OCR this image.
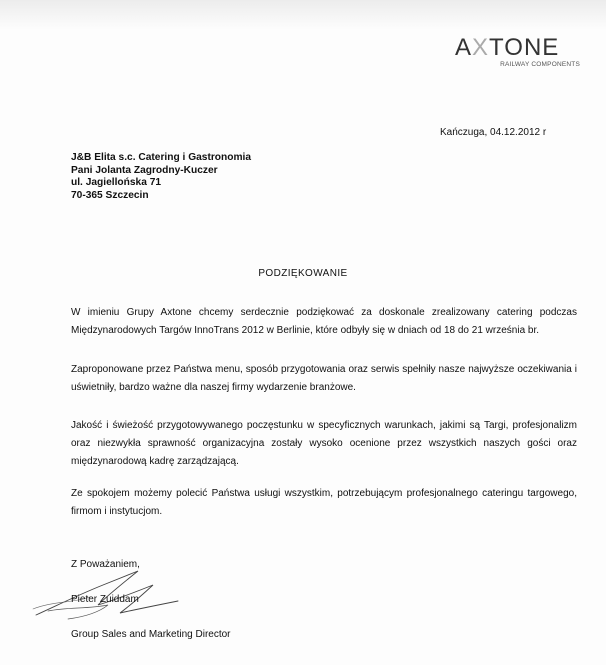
AXTONE
RAILWAY COMPONENTS
Kańczuga, 04.12.2012 r
J&B Elita s.c. Catering i Gastronomia
Pani Jolanta Zagrodny-Kuczer
ul. Jagiellońska 71
70-365 Szczecin
PODZIĘKOWANIE
W imieniu Grupy Axtone chcemy serdecznie podziękować za doskonale zrealizowany catering podczas Międzynarodowych Targów InnoTrans 2012 w Berlinie, które odbyły się w dniach od 18 do 21 września br.
Zaproponowane przez Państwa menu, sposób przygotowania oraz serwis spełniły nasze najwyższe oczekiwania i uświetniły, bardzo ważne dla naszej firmy wydarzenie branżowe.
Jakość i świeżość przygotowywanego poczęstunku w specyficznych warunkach, jakimi są Targi, profesjonalizm oraz niezwykła sprawność organizacyjna zostały wysoko ocenione przez wszystkich naszych gości oraz międzynarodową kadrę zarządzającą.
Ze spokojem możemy polecić Państwa usługi wszystkim, potrzebującym profesjonalnego cateringu targowego, firmom i instytucjom.
Z Poważaniem,
Pieter Zuiddam
Group Sales and Marketing Director
